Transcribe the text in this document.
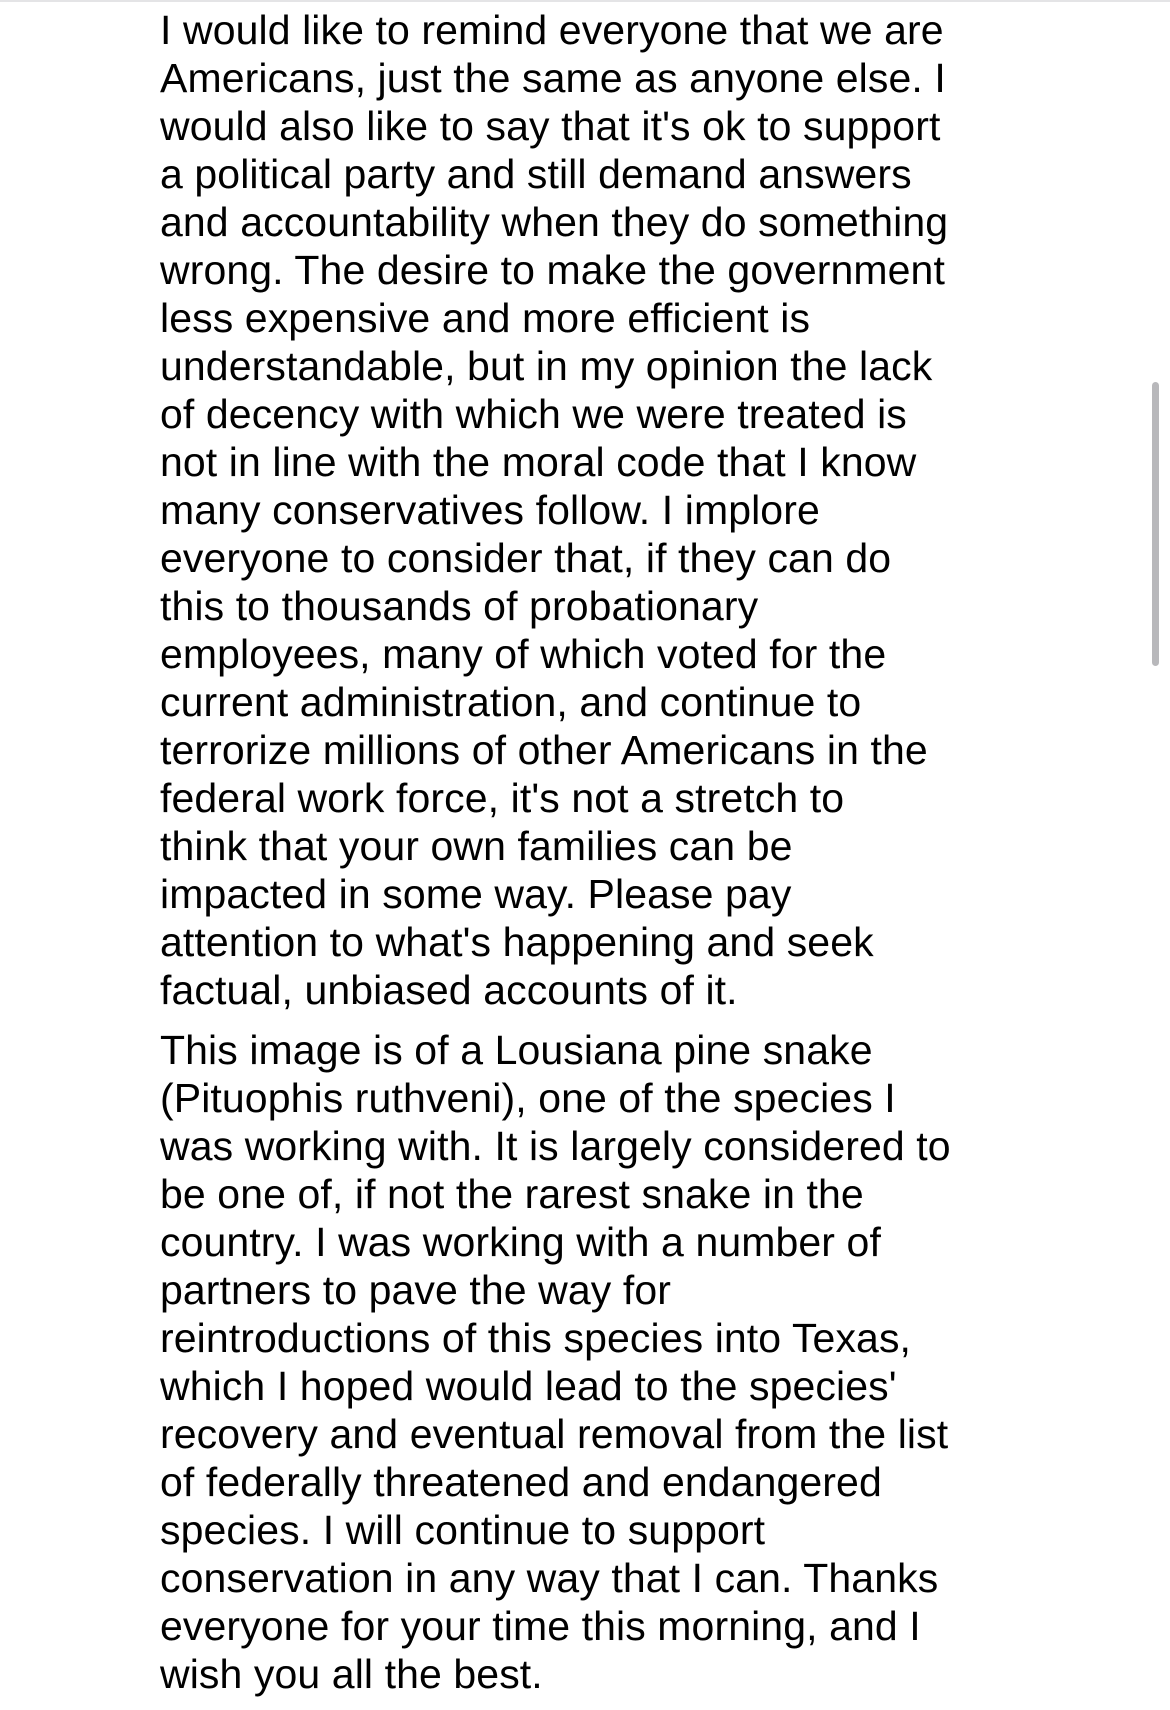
I would like to remind everyone that we are
Americans, just the same as anyone else. I
would also like to say that it's ok to support
a political party and still demand answers
and accountability when they do something
wrong. The desire to make the government
less expensive and more efficient is
understandable, but in my opinion the lack
of decency with which we were treated is
not in line with the moral code that I know
many conservatives follow. I implore
everyone to consider that, if they can do
this to thousands of probationary
employees, many of which voted for the
current administration, and continue to
terrorize millions of other Americans in the
federal work force, it's not a stretch to
think that your own families can be
impacted in some way. Please pay
attention to what's happening and seek
factual, unbiased accounts of it.

This image is of a Lousiana pine snake
(Pituophis ruthveni), one of the species I
was working with. It is largely considered to
be one of, if not the rarest snake in the
country. I was working with a number of
partners to pave the way for
reintroductions of this species into Texas,
which I hoped would lead to the species'
recovery and eventual removal from the list
of federally threatened and endangered
species. I will continue to support
conservation in any way that I can. Thanks
everyone for your time this morning, and I
wish you all the best.
